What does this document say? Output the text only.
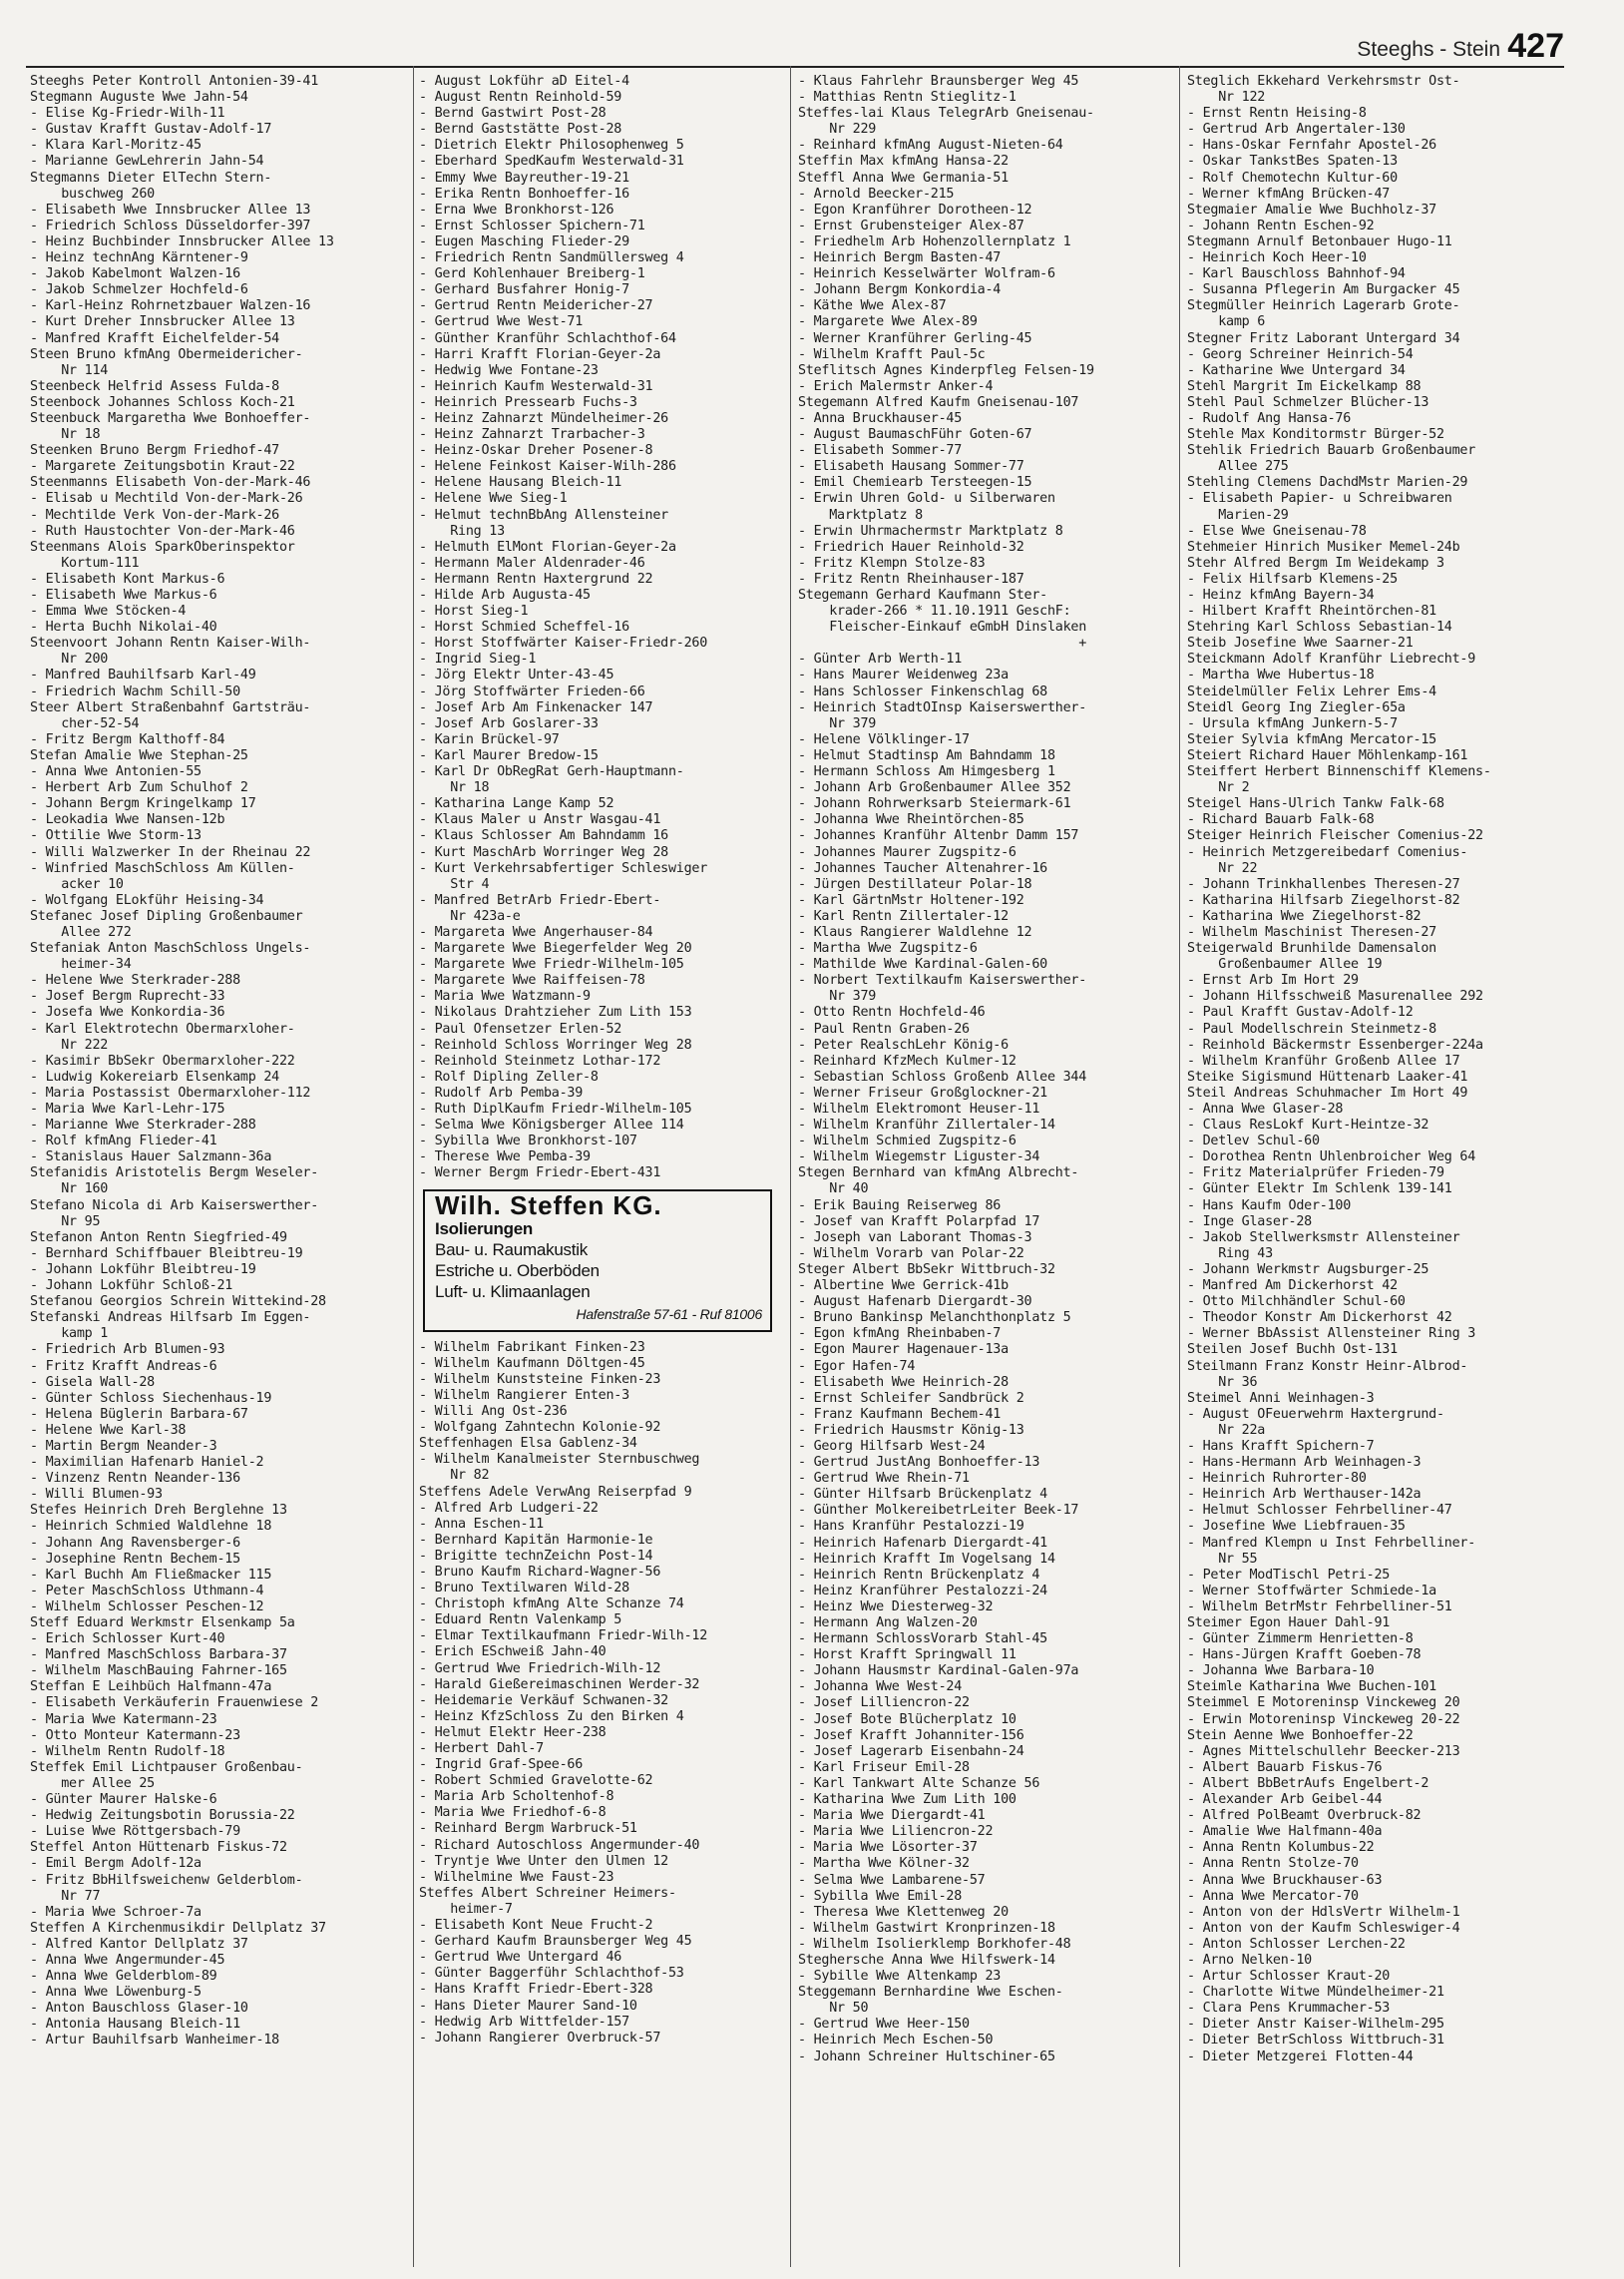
Steeghs - Stein 427
Steeghs Peter Kontroll Antonien-39-41
Stegmann Auguste Wwe Jahn-54
- Elise Kg-Friedr-Wilh-11
- Gustav Krafft Gustav-Adolf-17
- Klara Karl-Moritz-45
- Marianne GewLehrerin Jahn-54
Stegmanns Dieter ElTechn Stern-
buschweg 260
- Elisabeth Wwe Innsbrucker Allee 13
- Friedrich Schloss Düsseldorfer-397
- Heinz Buchbinder Innsbrucker Allee 13
- Heinz technAng Kärntener-9
- Jakob Kabelmont Walzen-16
- Jakob Schmelzer Hochfeld-6
- Karl-Heinz Rohrnetzbauer Walzen-16
- Kurt Dreher Innsbrucker Allee 13
- Manfred Krafft Eichelfelder-54
Steen Bruno kfmAng Obermeidericher-
Nr 114
Steenbeck Helfrid Assess Fulda-8
Steenbock Johannes Schloss Koch-21
Steenbuck Margaretha Wwe Bonhoeffer-
Nr 18
Steenken Bruno Bergm Friedhof-47
- Margarete Zeitungsbotin Kraut-22
Steenmanns Elisabeth Von-der-Mark-46
- Elisab u Mechtild Von-der-Mark-26
- Mechtilde Verk Von-der-Mark-26
- Ruth Haustochter Von-der-Mark-46
Steenmans Alois SparkOberinspektor
Kortum-111
- Elisabeth Kont Markus-6
- Elisabeth Wwe Markus-6
- Emma Wwe Stöcken-4
- Herta Buchh Nikolai-40
Steenvoort Johann Rentn Kaiser-Wilh-
Nr 200
- Manfred Bauhilfsarb Karl-49
- Friedrich Wachm Schill-50
Steer Albert Straßenbahnf Gartsträu-
cher-52-54
- Fritz Bergm Kalthoff-84
Stefan Amalie Wwe Stephan-25
- Anna Wwe Antonien-55
- Herbert Arb Zum Schulhof 2
- Johann Bergm Kringelkamp 17
- Leokadia Wwe Nansen-12b
- Ottilie Wwe Storm-13
- Willi Walzwerker In der Rheinau 22
- Winfried MaschSchloss Am Küllen-
acker 10
- Wolfgang ELokführ Heising-34
Stefanec Josef Dipling Großenbaumer
Allee 272
Stefaniak Anton MaschSchloss Ungels-
heimer-34
- Helene Wwe Sterkrader-288
- Josef Bergm Ruprecht-33
- Josefa Wwe Konkordia-36
- Karl Elektrotechn Obermarxloher-
Nr 222
- Kasimir BbSekr Obermarxloher-222
- Ludwig Kokereiarb Elsenkamp 24
- Maria Postassist Obermarxloher-112
- Maria Wwe Karl-Lehr-175
- Marianne Wwe Sterkrader-288
- Rolf kfmAng Flieder-41
- Stanislaus Hauer Salzmann-36a
Stefanidis Aristotelis Bergm Weseler-
Nr 160
Stefano Nicola di Arb Kaiserswerther-
Nr 95
Stefanon Anton Rentn Siegfried-49
- Bernhard Schiffbauer Bleibtreu-19
- Johann Lokführ Bleibtreu-19
- Johann Lokführ Schloß-21
Stefanou Georgios Schrein Wittekind-28
Stefanski Andreas Hilfsarb Im Eggen-
kamp 1
- Friedrich Arb Blumen-93
- Fritz Krafft Andreas-6
- Gisela Wall-28
- Günter Schloss Siechenhaus-19
- Helena Büglerin Barbara-67
- Helene Wwe Karl-38
- Martin Bergm Neander-3
- Maximilian Hafenarb Haniel-2
- Vinzenz Rentn Neander-136
- Willi Blumen-93
Stefes Heinrich Dreh Berglehne 13
- Heinrich Schmied Waldlehne 18
- Johann Ang Ravensberger-6
- Josephine Rentn Bechem-15
- Karl Buchh Am Fließmacker 115
- Peter MaschSchloss Uthmann-4
- Wilhelm Schlosser Peschen-12
Steff Eduard Werkmstr Elsenkamp 5a
- Erich Schlosser Kurt-40
- Manfred MaschSchloss Barbara-37
- Wilhelm MaschBauing Fahrner-165
Steffan E Leihbüch Halfmann-47a
- Elisabeth Verkäuferin Frauenwiese 2
- Maria Wwe Katermann-23
- Otto Monteur Katermann-23
- Wilhelm Rentn Rudolf-18
Steffek Emil Lichtpauser Großenbau-
mer Allee 25
- Günter Maurer Halske-6
- Hedwig Zeitungsbotin Borussia-22
- Luise Wwe Röttgersbach-79
Steffel Anton Hüttenarb Fiskus-72
- Emil Bergm Adolf-12a
- Fritz BbHilfsweichenw Gelderblom-
Nr 77
- Maria Wwe Schroer-7a
Steffen A Kirchenmusikdir Dellplatz 37
- Alfred Kantor Dellplatz 37
- Anna Wwe Angermunder-45
- Anna Wwe Gelderblom-89
- Anna Wwe Löwenburg-5
- Anton Bauschloss Glaser-10
- Antonia Hausang Bleich-11
- Artur Bauhilfsarb Wanheimer-18
- August Lokführ aD Eitel-4
- August Rentn Reinhold-59
- Bernd Gastwirt Post-28
- Bernd Gaststätte Post-28
- Dietrich Elektr Philosophenweg 5
- Eberhard SpedKaufm Westerwald-31
- Emmy Wwe Bayreuther-19-21
- Erika Rentn Bonhoeffer-16
- Erna Wwe Bronkhorst-126
- Ernst Schlosser Spichern-71
- Eugen Masching Flieder-29
- Friedrich Rentn Sandmüllersweg 4
- Gerd Kohlenhauer Breiberg-1
- Gerhard Busfahrer Honig-7
- Gertrud Rentn Meidericher-27
- Gertrud Wwe West-71
- Günther Kranführ Schlachthof-64
- Harri Krafft Florian-Geyer-2a
- Hedwig Wwe Fontane-23
- Heinrich Kaufm Westerwald-31
- Heinrich Pressearb Fuchs-3
- Heinz Zahnarzt Mündelheimer-26
- Heinz Zahnarzt Trarbacher-3
- Heinz-Oskar Dreher Posener-8
- Helene Feinkost Kaiser-Wilh-286
- Helene Hausang Bleich-11
- Helene Wwe Sieg-1
- Helmut technBbAng Allensteiner
Ring 13
- Helmuth ElMont Florian-Geyer-2a
- Hermann Maler Aldenrader-46
- Hermann Rentn Haxtergrund 22
- Hilde Arb Augusta-45
- Horst Sieg-1
- Horst Schmied Scheffel-16
- Horst Stoffwärter Kaiser-Friedr-260
- Ingrid Sieg-1
- Jörg Elektr Unter-43-45
- Jörg Stoffwärter Frieden-66
- Josef Arb Am Finkenacker 147
- Josef Arb Goslarer-33
- Karin Brückel-97
- Karl Maurer Bredow-15
- Karl Dr ObRegRat Gerh-Hauptmann-
Nr 18
- Katharina Lange Kamp 52
- Klaus Maler u Anstr Wasgau-41
- Klaus Schlosser Am Bahndamm 16
- Kurt MaschArb Worringer Weg 28
- Kurt Verkehrsabfertiger Schleswiger
Str 4
- Manfred BetrArb Friedr-Ebert-
Nr 423a-e
- Margareta Wwe Angerhauser-84
- Margarete Wwe Biegerfelder Weg 20
- Margarete Wwe Friedr-Wilhelm-105
- Margarete Wwe Raiffeisen-78
- Maria Wwe Watzmann-9
- Nikolaus Drahtzieher Zum Lith 153
- Paul Ofensetzer Erlen-52
- Reinhold Schloss Worringer Weg 28
- Reinhold Steinmetz Lothar-172
- Rolf Dipling Zeller-8
- Rudolf Arb Pemba-39
- Ruth DiplKaufm Friedr-Wilhelm-105
- Selma Wwe Königsberger Allee 114
- Sybilla Wwe Bronkhorst-107
- Therese Wwe Pemba-39
- Werner Bergm Friedr-Ebert-431
Wilh. Steffen KG.
Isolierungen
Bau- u. Raumakustik
Estriche u. Oberböden
Luft- u. Klimaanlagen
Hafenstraße 57-61 - Ruf 81006
- Wilhelm Fabrikant Finken-23
- Wilhelm Kaufmann Döltgen-45
- Wilhelm Kunststeine Finken-23
- Wilhelm Rangierer Enten-3
- Willi Ang Ost-236
- Wolfgang Zahntechn Kolonie-92
Steffenhagen Elsa Gablenz-34
- Wilhelm Kanalmeister Sternbuschweg
Nr 82
Steffens Adele VerwAng Reiserpfad 9
- Alfred Arb Ludgeri-22
- Anna Eschen-11
- Bernhard Kapitän Harmonie-1e
- Brigitte technZeichn Post-14
- Bruno Kaufm Richard-Wagner-56
- Bruno Textilwaren Wild-28
- Christoph kfmAng Alte Schanze 74
- Eduard Rentn Valenkamp 5
- Elmar Textilkaufmann Friedr-Wilh-12
- Erich ESchweiß Jahn-40
- Gertrud Wwe Friedrich-Wilh-12
- Harald Gießereimaschinen Werder-32
- Heidemarie Verkäuf Schwanen-32
- Heinz KfzSchloss Zu den Birken 4
- Helmut Elektr Heer-238
- Herbert Dahl-7
- Ingrid Graf-Spee-66
- Robert Schmied Gravelotte-62
- Maria Arb Scholtenhof-8
- Maria Wwe Friedhof-6-8
- Reinhard Bergm Warbruck-51
- Richard Autoschloss Angermunder-40
- Tryntje Wwe Unter den Ulmen 12
- Wilhelmine Wwe Faust-23
Steffes Albert Schreiner Heimers-
heimer-7
- Elisabeth Kont Neue Frucht-2
- Gerhard Kaufm Braunsberger Weg 45
- Gertrud Wwe Untergard 46
- Günter Baggerführ Schlachthof-53
- Hans Krafft Friedr-Ebert-328
- Hans Dieter Maurer Sand-10
- Hedwig Arb Wittfelder-157
- Johann Rangierer Overbruck-57
- Klaus Fahrlehr Braunsberger Weg 45
- Matthias Rentn Stieglitz-1
Steffes-lai Klaus TelegrArb Gneisenau-
Nr 229
- Reinhard kfmAng August-Nieten-64
Steffin Max kfmAng Hansa-22
Steffl Anna Wwe Germania-51
- Arnold Beecker-215
- Egon Kranführer Dorotheen-12
- Ernst Grubensteiger Alex-87
- Friedhelm Arb Hohenzollernplatz 1
- Heinrich Bergm Basten-47
- Heinrich Kesselwärter Wolfram-6
- Johann Bergm Konkordia-4
- Käthe Wwe Alex-87
- Margarete Wwe Alex-89
- Werner Kranführer Gerling-45
- Wilhelm Krafft Paul-5c
Steflitsch Agnes Kinderpfleg Felsen-19
- Erich Malermstr Anker-4
Stegemann Alfred Kaufm Gneisenau-107
- Anna Bruckhauser-45
- August BaumaschFühr Goten-67
- Elisabeth Sommer-77
- Elisabeth Hausang Sommer-77
- Emil Chemiearb Tersteegen-15
- Erwin Uhren Gold- u Silberwaren
Marktplatz 8
- Erwin Uhrmachermstr Marktplatz 8
- Friedrich Hauer Reinhold-32
- Fritz Klempn Stolze-83
- Fritz Rentn Rheinhauser-187
Stegemann Gerhard Kaufmann Ster-
krader-266 * 11.10.1911 GeschF:
Fleischer-Einkauf eGmbH Dinslaken
+
- Günter Arb Werth-11
- Hans Maurer Weidenweg 23a
- Hans Schlosser Finkenschlag 68
- Heinrich StadtOInsp Kaiserswerther-
Nr 379
- Helene Völklinger-17
- Helmut Stadtinsp Am Bahndamm 18
- Hermann Schloss Am Himgesberg 1
- Johann Arb Großenbaumer Allee 352
- Johann Rohrwerksarb Steiermark-61
- Johanna Wwe Rheintörchen-85
- Johannes Kranführ Altenbr Damm 157
- Johannes Maurer Zugspitz-6
- Johannes Taucher Altenahrer-16
- Jürgen Destillateur Polar-18
- Karl GärtnMstr Holtener-192
- Karl Rentn Zillertaler-12
- Klaus Rangierer Waldlehne 12
- Martha Wwe Zugspitz-6
- Mathilde Wwe Kardinal-Galen-60
- Norbert Textilkaufm Kaiserswerther-
Nr 379
- Otto Rentn Hochfeld-46
- Paul Rentn Graben-26
- Peter RealschLehr König-6
- Reinhard KfzMech Kulmer-12
- Sebastian Schloss Großenb Allee 344
- Werner Friseur Großglockner-21
- Wilhelm Elektromont Heuser-11
- Wilhelm Kranführ Zillertaler-14
- Wilhelm Schmied Zugspitz-6
- Wilhelm Wiegemstr Liguster-34
Stegen Bernhard van kfmAng Albrecht-
Nr 40
- Erik Bauing Reiserweg 86
- Josef van Krafft Polarpfad 17
- Joseph van Laborant Thomas-3
- Wilhelm Vorarb van Polar-22
Steger Albert BbSekr Wittbruch-32
- Albertine Wwe Gerrick-41b
- August Hafenarb Diergardt-30
- Bruno Bankinsp Melanchthonplatz 5
- Egon kfmAng Rheinbaben-7
- Egon Maurer Hagenauer-13a
- Egor Hafen-74
- Elisabeth Wwe Heinrich-28
- Ernst Schleifer Sandbrück 2
- Franz Kaufmann Bechem-41
- Friedrich Hausmstr König-13
- Georg Hilfsarb West-24
- Gertrud JustAng Bonhoeffer-13
- Gertrud Wwe Rhein-71
- Günter Hilfsarb Brückenplatz 4
- Günther MolkereibetrLeiter Beek-17
- Hans Kranführ Pestalozzi-19
- Heinrich Hafenarb Diergardt-41
- Heinrich Krafft Im Vogelsang 14
- Heinrich Rentn Brückenplatz 4
- Heinz Kranführer Pestalozzi-24
- Heinz Wwe Diesterweg-32
- Hermann Ang Walzen-20
- Hermann SchlossVorarb Stahl-45
- Horst Krafft Springwall 11
- Johann Hausmstr Kardinal-Galen-97a
- Johanna Wwe West-24
- Josef Lilliencron-22
- Josef Bote Blücherplatz 10
- Josef Krafft Johanniter-156
- Josef Lagerarb Eisenbahn-24
- Karl Friseur Emil-28
- Karl Tankwart Alte Schanze 56
- Katharina Wwe Zum Lith 100
- Maria Wwe Diergardt-41
- Maria Wwe Liliencron-22
- Maria Wwe Lösorter-37
- Martha Wwe Kölner-32
- Selma Wwe Lambarene-57
- Sybilla Wwe Emil-28
- Theresa Wwe Klettenweg 20
- Wilhelm Gastwirt Kronprinzen-18
- Wilhelm Isolierklemp Borkhofer-48
Steghersche Anna Wwe Hilfswerk-14
- Sybille Wwe Altenkamp 23
Steggemann Bernhardine Wwe Eschen-
Nr 50
- Gertrud Wwe Heer-150
- Heinrich Mech Eschen-50
- Johann Schreiner Hultschiner-65
Steglich Ekkehard Verkehrsmstr Ost-
Nr 122
- Ernst Rentn Heising-8
- Gertrud Arb Angertaler-130
- Hans-Oskar Fernfahr Apostel-26
- Oskar TankstBes Spaten-13
- Rolf Chemotechn Kultur-60
- Werner kfmAng Brücken-47
Stegmaier Amalie Wwe Buchholz-37
- Johann Rentn Eschen-92
Stegmann Arnulf Betonbauer Hugo-11
- Heinrich Koch Heer-10
- Karl Bauschloss Bahnhof-94
- Susanna Pflegerin Am Burgacker 45
Stegmüller Heinrich Lagerarb Grote-
kamp 6
Stegner Fritz Laborant Untergard 34
- Georg Schreiner Heinrich-54
- Katharine Wwe Untergard 34
Stehl Margrit Im Eickelkamp 88
Stehl Paul Schmelzer Blücher-13
- Rudolf Ang Hansa-76
Stehle Max Konditormstr Bürger-52
Stehlik Friedrich Bauarb Großenbaumer
Allee 275
Stehling Clemens DachdMstr Marien-29
- Elisabeth Papier- u Schreibwaren
Marien-29
- Else Wwe Gneisenau-78
Stehmeier Hinrich Musiker Memel-24b
Stehr Alfred Bergm Im Weidekamp 3
- Felix Hilfsarb Klemens-25
- Heinz kfmAng Bayern-34
- Hilbert Krafft Rheintörchen-81
Stehring Karl Schloss Sebastian-14
Steib Josefine Wwe Saarner-21
Steickmann Adolf Kranführ Liebrecht-9
- Martha Wwe Hubertus-18
Steidelmüller Felix Lehrer Ems-4
Steidl Georg Ing Ziegler-65a
- Ursula kfmAng Junkern-5-7
Steier Sylvia kfmAng Mercator-15
Steiert Richard Hauer Möhlenkamp-161
Steiffert Herbert Binnenschiff Klemens-
Nr 2
Steigel Hans-Ulrich Tankw Falk-68
- Richard Bauarb Falk-68
Steiger Heinrich Fleischer Comenius-22
- Heinrich Metzgereibedarf Comenius-
Nr 22
- Johann Trinkhallenbes Theresen-27
- Katharina Hilfsarb Ziegelhorst-82
- Katharina Wwe Ziegelhorst-82
- Wilhelm Maschinist Theresen-27
Steigerwald Brunhilde Damensalon
Großenbaumer Allee 19
- Ernst Arb Im Hort 29
- Johann Hilfsschweiß Masurenallee 292
- Paul Krafft Gustav-Adolf-12
- Paul Modellschrein Steinmetz-8
- Reinhold Bäckermstr Essenberger-224a
- Wilhelm Kranführ Großenb Allee 17
Steike Sigismund Hüttenarb Laaker-41
Steil Andreas Schuhmacher Im Hort 49
- Anna Wwe Glaser-28
- Claus ResLokf Kurt-Heintze-32
- Detlev Schul-60
- Dorothea Rentn Uhlenbroicher Weg 64
- Fritz Materialprüfer Frieden-79
- Günter Elektr Im Schlenk 139-141
- Hans Kaufm Oder-100
- Inge Glaser-28
- Jakob Stellwerksmstr Allensteiner
Ring 43
- Johann Werkmstr Augsburger-25
- Manfred Am Dickerhorst 42
- Otto Milchhändler Schul-60
- Theodor Konstr Am Dickerhorst 42
- Werner BbAssist Allensteiner Ring 3
Steilen Josef Buchh Ost-131
Steilmann Franz Konstr Heinr-Albrod-
Nr 36
Steimel Anni Weinhagen-3
- August OFeuerwehrm Haxtergrund-
Nr 22a
- Hans Krafft Spichern-7
- Hans-Hermann Arb Weinhagen-3
- Heinrich Ruhrorter-80
- Heinrich Arb Werthauser-142a
- Helmut Schlosser Fehrbelliner-47
- Josefine Wwe Liebfrauen-35
- Manfred Klempn u Inst Fehrbelliner-
Nr 55
- Peter ModTischl Petri-25
- Werner Stoffwärter Schmiede-1a
- Wilhelm BetrMstr Fehrbelliner-51
Steimer Egon Hauer Dahl-91
- Günter Zimmerm Henrietten-8
- Hans-Jürgen Krafft Goeben-78
- Johanna Wwe Barbara-10
Steimle Katharina Wwe Buchen-101
Steimmel E Motoreninsp Vinckeweg 20
- Erwin Motoreninsp Vinckeweg 20-22
Stein Aenne Wwe Bonhoeffer-22
- Agnes Mittelschullehr Beecker-213
- Albert Bauarb Fiskus-76
- Albert BbBetrAufs Engelbert-2
- Alexander Arb Geibel-44
- Alfred PolBeamt Overbruck-82
- Amalie Wwe Halfmann-40a
- Anna Rentn Kolumbus-22
- Anna Rentn Stolze-70
- Anna Wwe Bruckhauser-63
- Anna Wwe Mercator-70
- Anton von der HdlsVertr Wilhelm-1
- Anton von der Kaufm Schleswiger-4
- Anton Schlosser Lerchen-22
- Arno Nelken-10
- Artur Schlosser Kraut-20
- Charlotte Witwe Mündelheimer-21
- Clara Pens Krummacher-53
- Dieter Anstr Kaiser-Wilhelm-295
- Dieter BetrSchloss Wittbruch-31
- Dieter Metzgerei Flotten-44
